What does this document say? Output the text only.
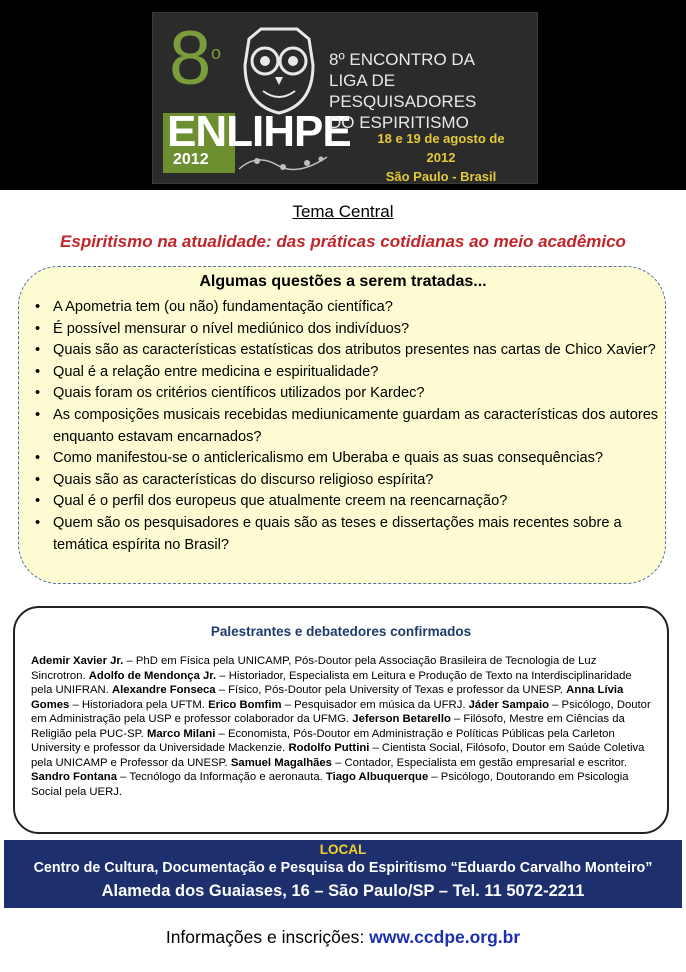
8 o
ENLIHPE
2012
8º ENCONTRO DA
LIGA DE PESQUISADORES
DO ESPIRITISMO
18 e 19 de agosto de 2012
São Paulo - Brasil
Tema Central
Espiritismo na atualidade: das práticas cotidianas ao meio acadêmico
Algumas questões a serem tratadas...
• A Apometria tem (ou não) fundamentação científica?
• É possível mensurar o nível mediúnico dos indivíduos?
• Quais são as características estatísticas dos atributos presentes nas cartas de Chico Xavier?
• Qual é a relação entre medicina e espiritualidade?
• Quais foram os critérios científicos utilizados por Kardec?
• As composições musicais recebidas mediunicamente guardam as características dos autores enquanto estavam encarnados?
• Como manifestou-se o anticlericalismo em Uberaba e quais as suas consequências?
• Quais são as características do discurso religioso espírita?
• Qual é o perfil dos europeus que atualmente creem na reencarnação?
• Quem são os pesquisadores e quais são as teses e dissertações mais recentes sobre a temática espírita no Brasil?
Palestrantes e debatedores confirmados
Ademir Xavier Jr. – PhD em Física pela UNICAMP, Pós-Doutor pela Associação Brasileira de Tecnologia de Luz Sincrotron. Adolfo de Mendonça Jr. – Historiador, Especialista em Leitura e Produção de Texto na Interdisciplinaridade pela UNIFRAN. Alexandre Fonseca – Físico, Pós-Doutor pela University of Texas e professor da UNESP. Anna Lívia Gomes – Historiadora pela UFTM. Erico Bomfim – Pesquisador em música da UFRJ. Jáder Sampaio – Psicólogo, Doutor em Administração pela USP e professor colaborador da UFMG. Jeferson Betarello – Filósofo, Mestre em Ciências da Religião pela PUC-SP. Marco Milani – Economista, Pós-Doutor em Administração e Políticas Públicas pela Carleton University e professor da Universidade Mackenzie. Rodolfo Puttini – Cientista Social, Filósofo, Doutor em Saúde Coletiva pela UNICAMP e Professor da UNESP. Samuel Magalhães – Contador, Especialista em gestão empresarial e escritor. Sandro Fontana – Tecnólogo da Informação e aeronauta. Tiago Albuquerque – Psicólogo, Doutorando em Psicologia Social pela UERJ.
LOCAL
Centro de Cultura, Documentação e Pesquisa do Espiritismo “Eduardo Carvalho Monteiro”
Alameda dos Guaiases, 16 – São Paulo/SP – Tel. 11 5072-2211
Informações e inscrições: www.ccdpe.org.br
